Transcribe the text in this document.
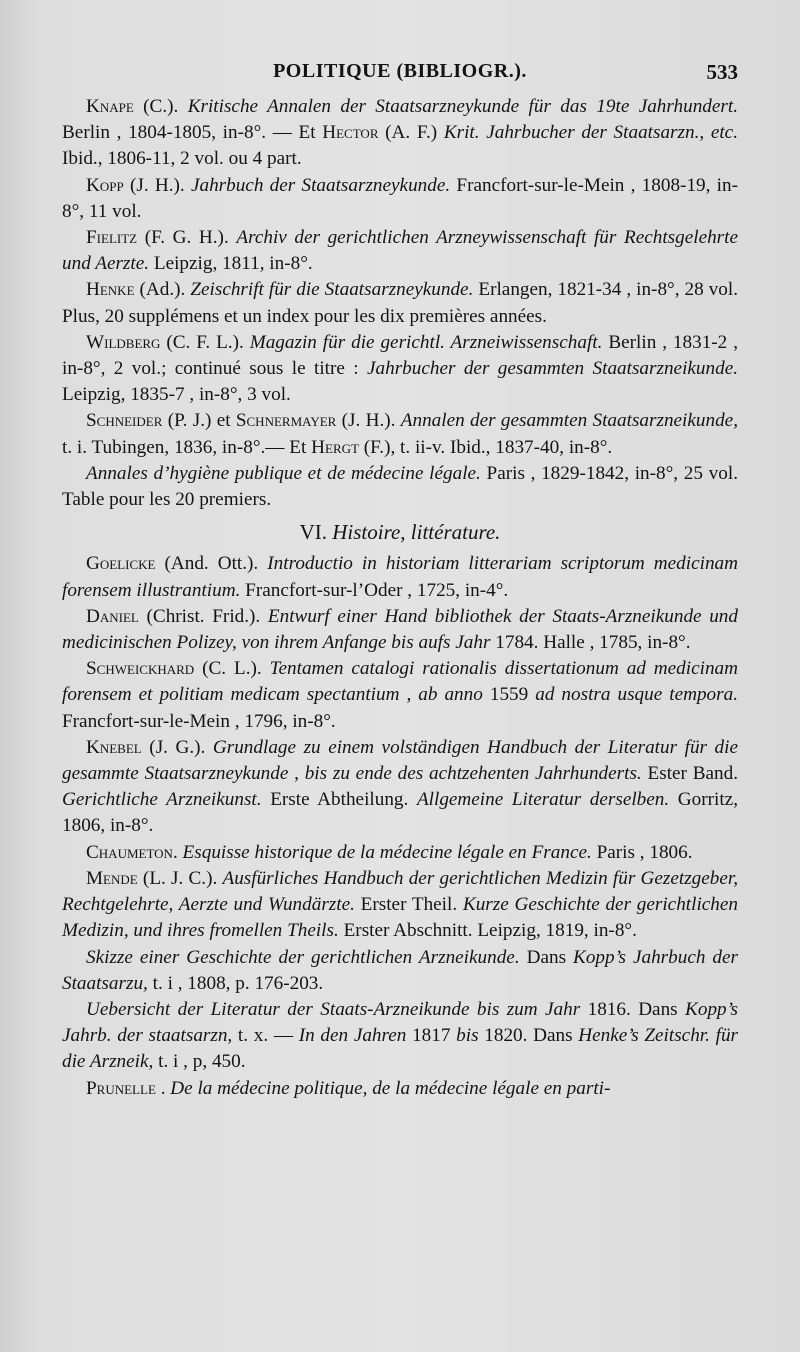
POLITIQUE (BIBLIOGR.).	533

Knape (C.). Kritische Annalen der Staatsarzneykunde für das 19te Jahrhundert. Berlin , 1804-1805, in-8°. — Et Hector (A. F.) Krit. Jahrbucher der Staatsarzn., etc. Ibid., 1806-11, 2 vol. ou 4 part.

Kopp (J. H.). Jahrbuch der Staatsarzneykunde. Francfort-sur-le-Mein , 1808-19, in-8°, 11 vol.

Fielitz (F. G. H.). Archiv der gerichtlichen Arzneywissenschaft für Rechtsgelehrte und Aerzte. Leipzig, 1811, in-8°.

Henke (Ad.). Zeischrift für die Staatsarzneykunde. Erlangen, 1821-34 , in-8°, 28 vol. Plus, 20 supplémens et un index pour les dix premières années.

Wildberg (C. F. L.). Magazin für die gerichtl. Arzneiwissenschaft. Berlin , 1831-2 , in-8°, 2 vol.; continué sous le titre : Jahrbucher der gesammten Staatsarzneikunde. Leipzig, 1835-7 , in-8°, 3 vol.

Schneider (P. J.) et Schnermayer (J. H.). Annalen der gesammten Staatsarzneikunde, t. i. Tubingen, 1836, in-8°.— Et Hergt (F.), t. ii-v. Ibid., 1837-40, in-8°.

Annales d’hygiène publique et de médecine légale. Paris , 1829-1842, in-8°, 25 vol. Table pour les 20 premiers.

VI. Histoire, littérature.

Goelicke (And. Ott.). Introductio in historiam litterariam scriptorum medicinam forensem illustrantium. Francfort-sur-l’Oder , 1725, in-4°.

Daniel (Christ. Frid.). Entwurf einer Hand bibliothek der Staats-Arzneikunde und medicinischen Polizey, von ihrem Anfange bis aufs Jahr 1784. Halle , 1785, in-8°.

Schweickhard (C. L.). Tentamen catalogi rationalis dissertationum ad medicinam forensem et politiam medicam spectantium , ab anno 1559 ad nostra usque tempora. Francfort-sur-le-Mein , 1796, in-8°.

Knebel (J. G.). Grundlage zu einem volständigen Handbuch der Literatur für die gesammte Staatsarzneykunde , bis zu ende des achtzehenten Jahrhunderts. Ester Band. Gerichtliche Arzneikunst. Erste Abtheilung. Allgemeine Literatur derselben. Gorritz, 1806, in-8°.

Chaumeton. Esquisse historique de la médecine légale en France. Paris , 1806.

Mende (L. J. C.). Ausfürliches Handbuch der gerichtlichen Medizin für Gezetzgeber, Rechtgelehrte, Aerzte und Wundärzte. Erster Theil. Kurze Geschichte der gerichtlichen Medizin, und ihres fromellen Theils. Erster Abschnitt. Leipzig, 1819, in-8°.

Skizze einer Geschichte der gerichtlichen Arzneikunde. Dans Kopp’s Jahrbuch der Staatsarzu, t. i , 1808, p. 176-203.

Uebersicht der Literatur der Staats-Arzneikunde bis zum Jahr 1816. Dans Kopp’s Jahrb. der staatsarzn, t. x. — In den Jahren 1817 bis 1820. Dans Henke’s Zeitschr. für die Arzneik, t. i , p, 450.

Prunelle . De la médecine politique, de la médecine légale en parti-
